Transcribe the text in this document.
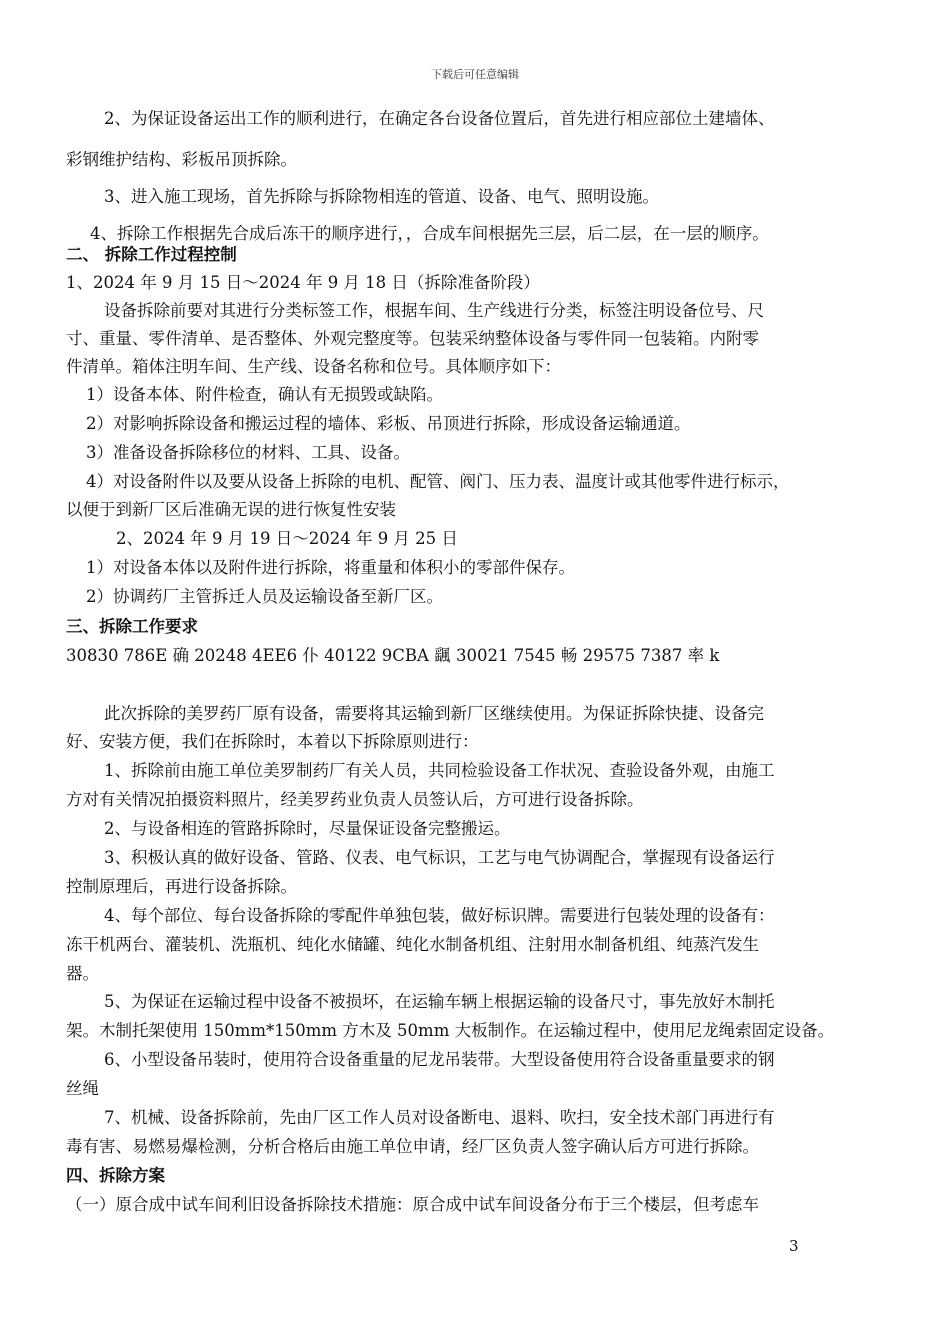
下载后可任意编辑
2、为保证设备运出工作的顺利进行，在确定各台设备位置后，首先进行相应部位土建墙体、
彩钢维护结构、彩板吊顶拆除。
3、进入施工现场，首先拆除与拆除物相连的管道、设备、电气、照明设施。
4、拆除工作根据先合成后冻干的顺序进行，，合成车间根据先三层，后二层，在一层的顺序。
二、 拆除工作过程控制
1、2024 年 9 月 15 日～2024 年 9 月 18 日（拆除准备阶段）
设备拆除前要对其进行分类标签工作，根据车间、生产线进行分类，标签注明设备位号、尺
寸、重量、零件清单、是否整体、外观完整度等。包装采纳整体设备与零件同一包装箱。内附零
件清单。箱体注明车间、生产线、设备名称和位号。具体顺序如下：
1）设备本体、附件检查，确认有无损毁或缺陷。
2）对影响拆除设备和搬运过程的墙体、彩板、吊顶进行拆除，形成设备运输通道。
3）准备设备拆除移位的材料、工具、设备。
4）对设备附件以及要从设备上拆除的电机、配管、阀门、压力表、温度计或其他零件进行标示，
以便于到新厂区后准确无误的进行恢复性安装
2、2024 年 9 月 19 日～2024 年 9 月 25 日
1）对设备本体以及附件进行拆除，将重量和体积小的零部件保存。
2）协调药厂主管拆迁人员及运输设备至新厂区。
三、拆除工作要求
30830 786E 确 20248 4EE6 仆 40122 9CBA 颻 30021 7545 畅 29575 7387 率 k
此次拆除的美罗药厂原有设备，需要将其运输到新厂区继续使用。为保证拆除快捷、设备完
好、安装方便，我们在拆除时，本着以下拆除原则进行：
1、拆除前由施工单位美罗制药厂有关人员，共同检验设备工作状况、查验设备外观，由施工
方对有关情况拍摄资料照片，经美罗药业负责人员签认后，方可进行设备拆除。
2、与设备相连的管路拆除时，尽量保证设备完整搬运。
3、积极认真的做好设备、管路、仪表、电气标识，工艺与电气协调配合，掌握现有设备运行
控制原理后，再进行设备拆除。
4、每个部位、每台设备拆除的零配件单独包装，做好标识牌。需要进行包装处理的设备有：
冻干机两台、灌装机、洗瓶机、纯化水储罐、纯化水制备机组、注射用水制备机组、纯蒸汽发生
器。
5、为保证在运输过程中设备不被损坏，在运输车辆上根据运输的设备尺寸，事先放好木制托
架。木制托架使用 150mm*150mm 方木及 50mm 大板制作。在运输过程中，使用尼龙绳索固定设备。
6、小型设备吊装时，使用符合设备重量的尼龙吊装带。大型设备使用符合设备重量要求的钢
丝绳
7、机械、设备拆除前，先由厂区工作人员对设备断电、退料、吹扫，安全技术部门再进行有
毒有害、易燃易爆检测，分析合格后由施工单位申请，经厂区负责人签字确认后方可进行拆除。
四、拆除方案
（一）原合成中试车间利旧设备拆除技术措施：原合成中试车间设备分布于三个楼层，但考虑车
3
